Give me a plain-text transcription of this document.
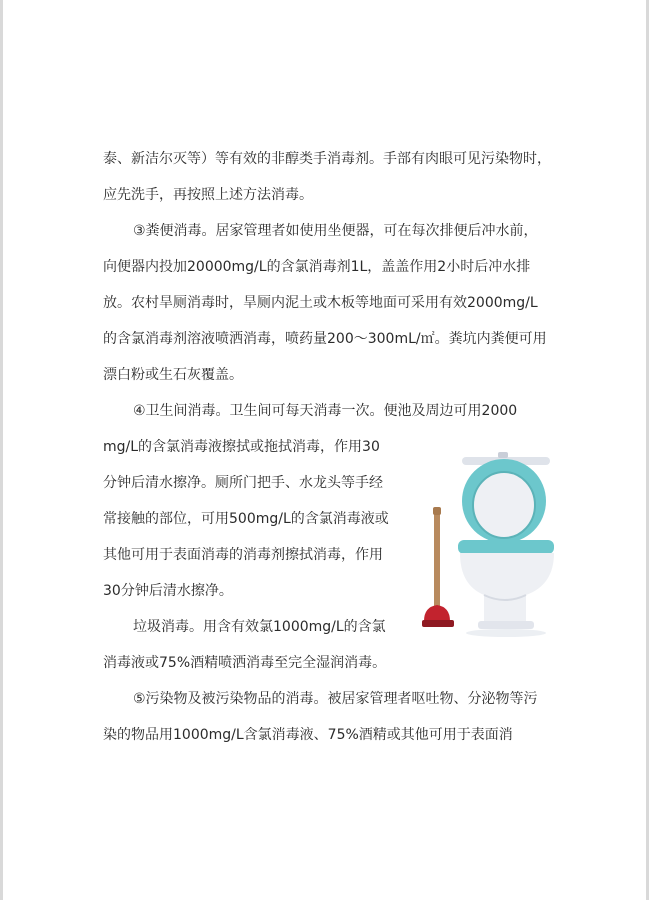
泰、新洁尔灭等）等有效的非醇类手消毒剂。手部有肉眼可见污染物时，应先洗手，再按照上述方法消毒。

③粪便消毒。居家管理者如使用坐便器，可在每次排便后冲水前，向便器内投加20000mg/L的含氯消毒剂1L，盖盖作用2小时后冲水排放。农村旱厕消毒时，旱厕内泥土或木板等地面可采用有效2000mg/L的含氯消毒剂溶液喷洒消毒，喷药量200～300mL/㎡。粪坑内粪便可用漂白粉或生石灰覆盖。

④卫生间消毒。卫生间可每天消毒一次。便池及周边可用2000

mg/L的含氯消毒液擦拭或拖拭消毒，作用30分钟后清水擦净。厕所门把手、水龙头等手经常接触的部位，可用500mg/L的含氯消毒液或其他可用于表面消毒的消毒剂擦拭消毒，作用30分钟后清水擦净。

垃圾消毒。用含有效氯1000mg/L的含氯

消毒液或75%酒精喷洒消毒至完全湿润消毒。

⑤污染物及被污染物品的消毒。被居家管理者呕吐物、分泌物等污染的物品用1000mg/L含氯消毒液、75%酒精或其他可用于表面消
